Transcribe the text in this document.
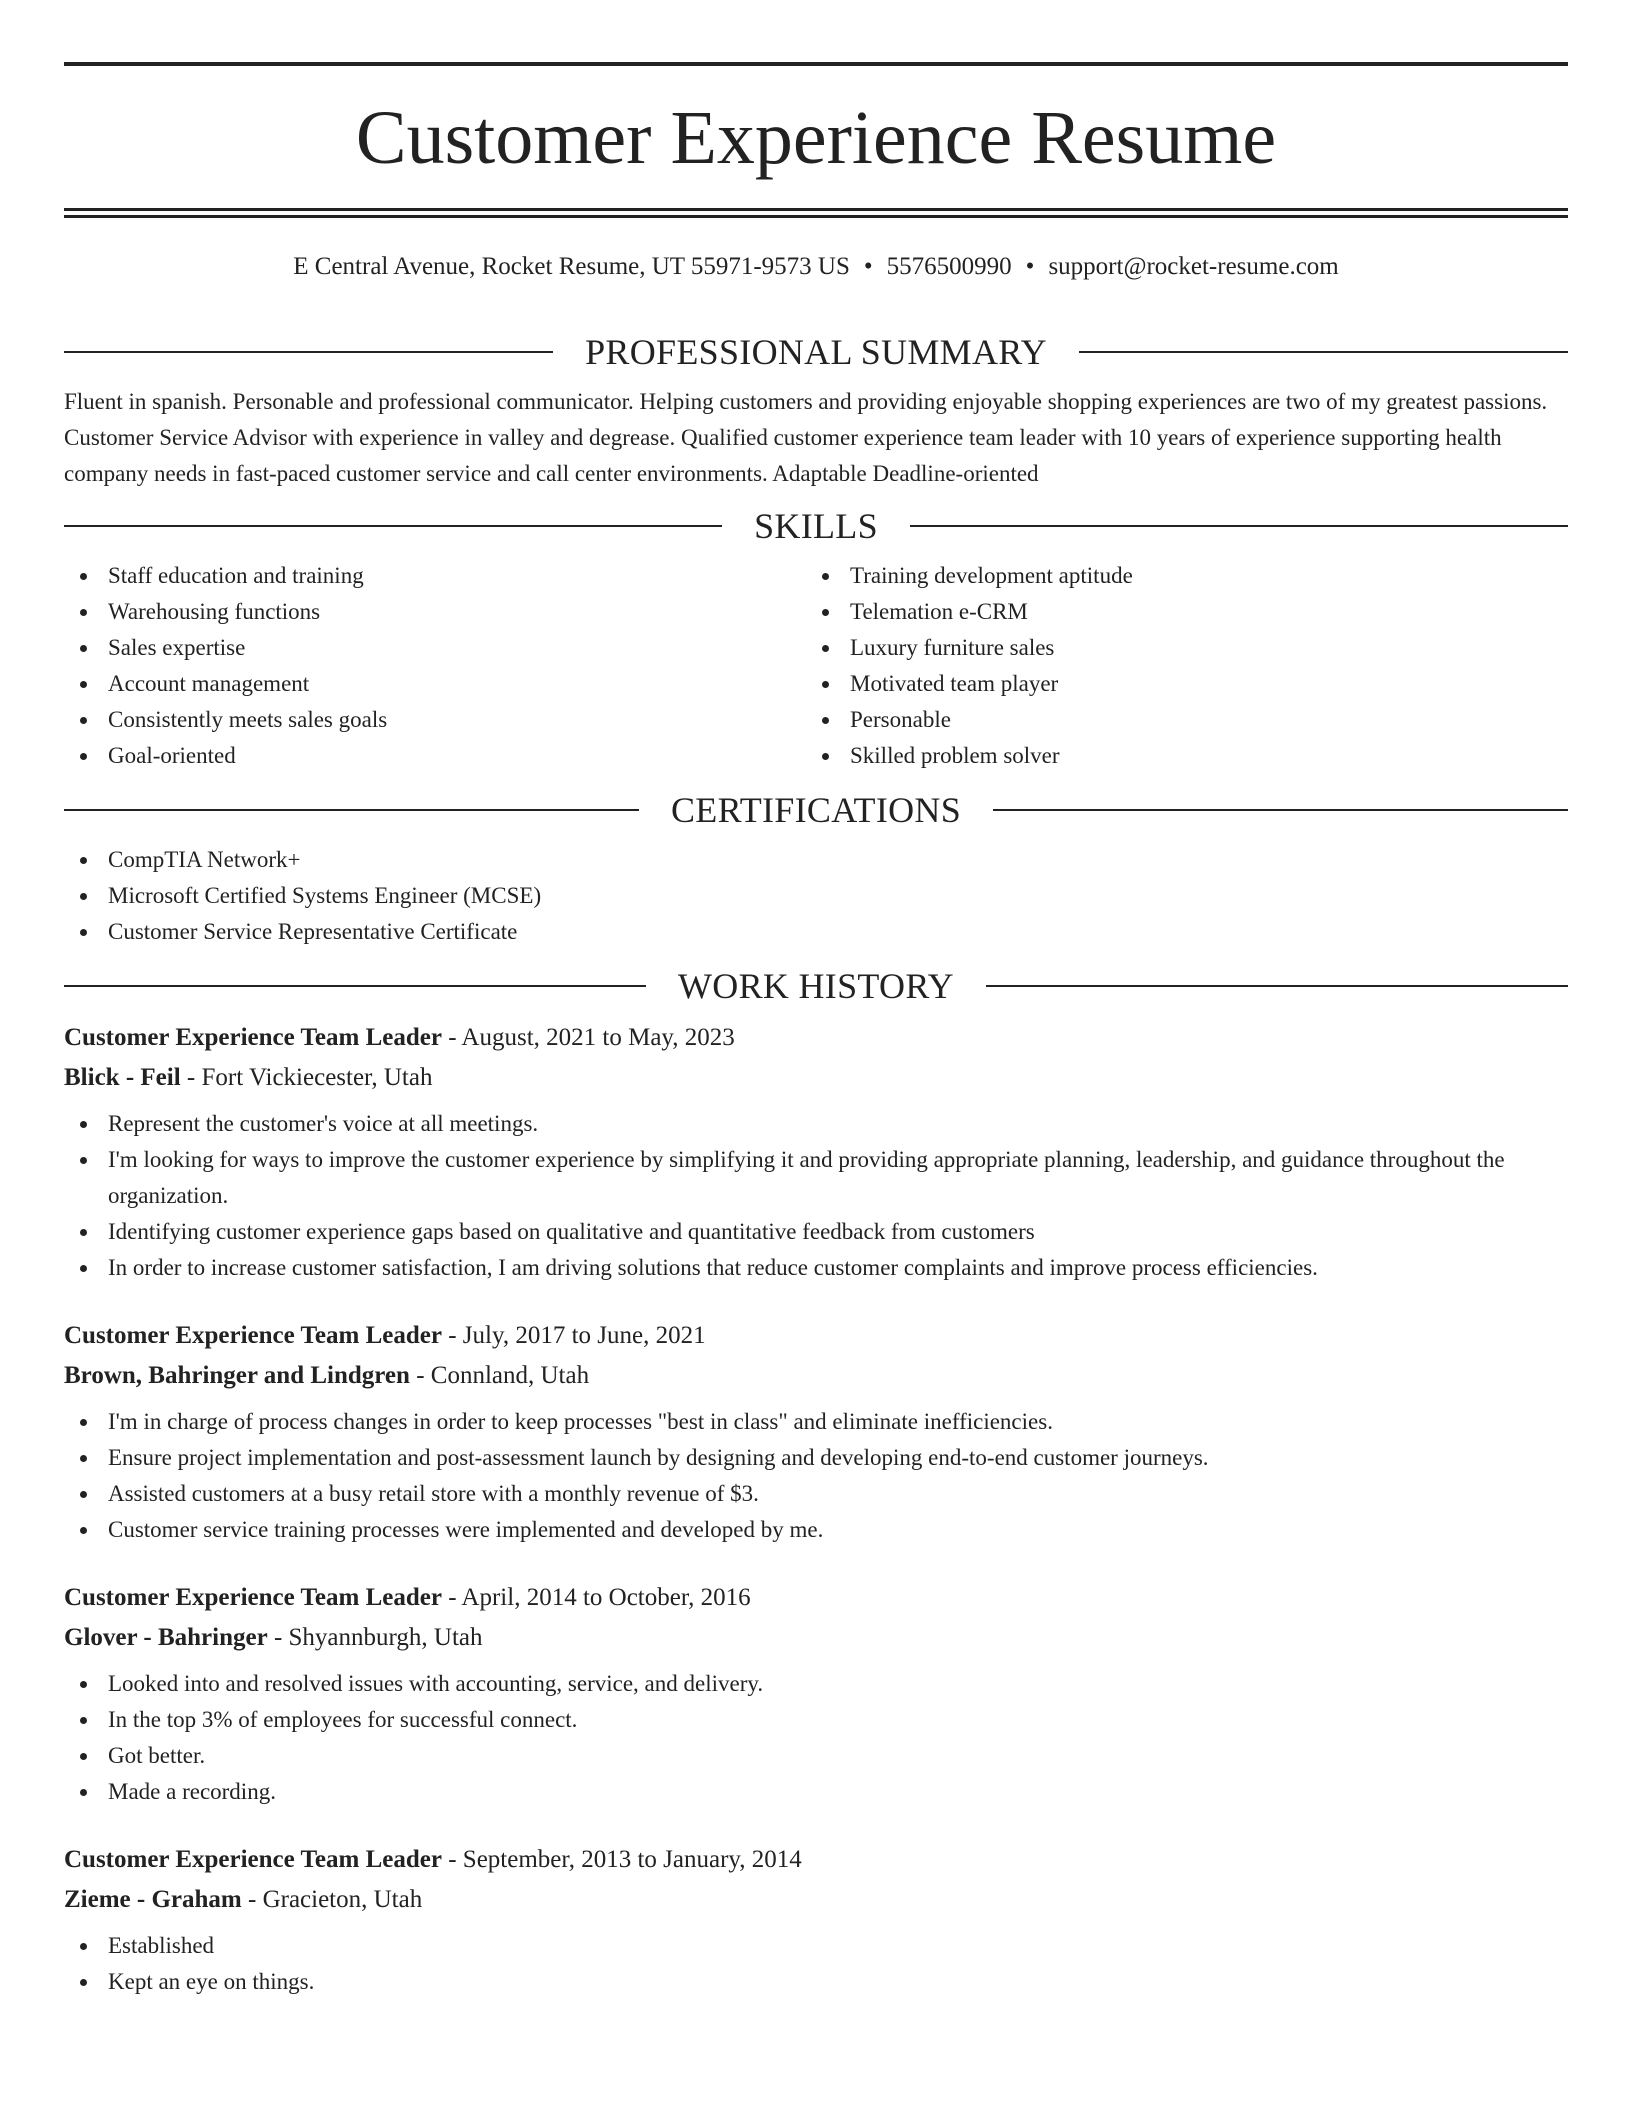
Customer Experience Resume
E Central Avenue, Rocket Resume, UT 55971-9573 US • 5576500990 • support@rocket-resume.com
PROFESSIONAL SUMMARY
Fluent in spanish. Personable and professional communicator. Helping customers and providing enjoyable shopping experiences are two of my greatest passions. Customer Service Advisor with experience in valley and degrease. Qualified customer experience team leader with 10 years of experience supporting health company needs in fast-paced customer service and call center environments. Adaptable Deadline-oriented
SKILLS
Staff education and training
Warehousing functions
Sales expertise
Account management
Consistently meets sales goals
Goal-oriented
Training development aptitude
Telemation e-CRM
Luxury furniture sales
Motivated team player
Personable
Skilled problem solver
CERTIFICATIONS
CompTIA Network+
Microsoft Certified Systems Engineer (MCSE)
Customer Service Representative Certificate
WORK HISTORY
Customer Experience Team Leader - August, 2021 to May, 2023
Blick - Feil - Fort Vickiecester, Utah
Represent the customer's voice at all meetings.
I'm looking for ways to improve the customer experience by simplifying it and providing appropriate planning, leadership, and guidance throughout the organization.
Identifying customer experience gaps based on qualitative and quantitative feedback from customers
In order to increase customer satisfaction, I am driving solutions that reduce customer complaints and improve process efficiencies.
Customer Experience Team Leader - July, 2017 to June, 2021
Brown, Bahringer and Lindgren - Connland, Utah
I'm in charge of process changes in order to keep processes "best in class" and eliminate inefficiencies.
Ensure project implementation and post-assessment launch by designing and developing end-to-end customer journeys.
Assisted customers at a busy retail store with a monthly revenue of $3.
Customer service training processes were implemented and developed by me.
Customer Experience Team Leader - April, 2014 to October, 2016
Glover - Bahringer - Shyannburgh, Utah
Looked into and resolved issues with accounting, service, and delivery.
In the top 3% of employees for successful connect.
Got better.
Made a recording.
Customer Experience Team Leader - September, 2013 to January, 2014
Zieme - Graham - Gracieton, Utah
Established
Kept an eye on things.
